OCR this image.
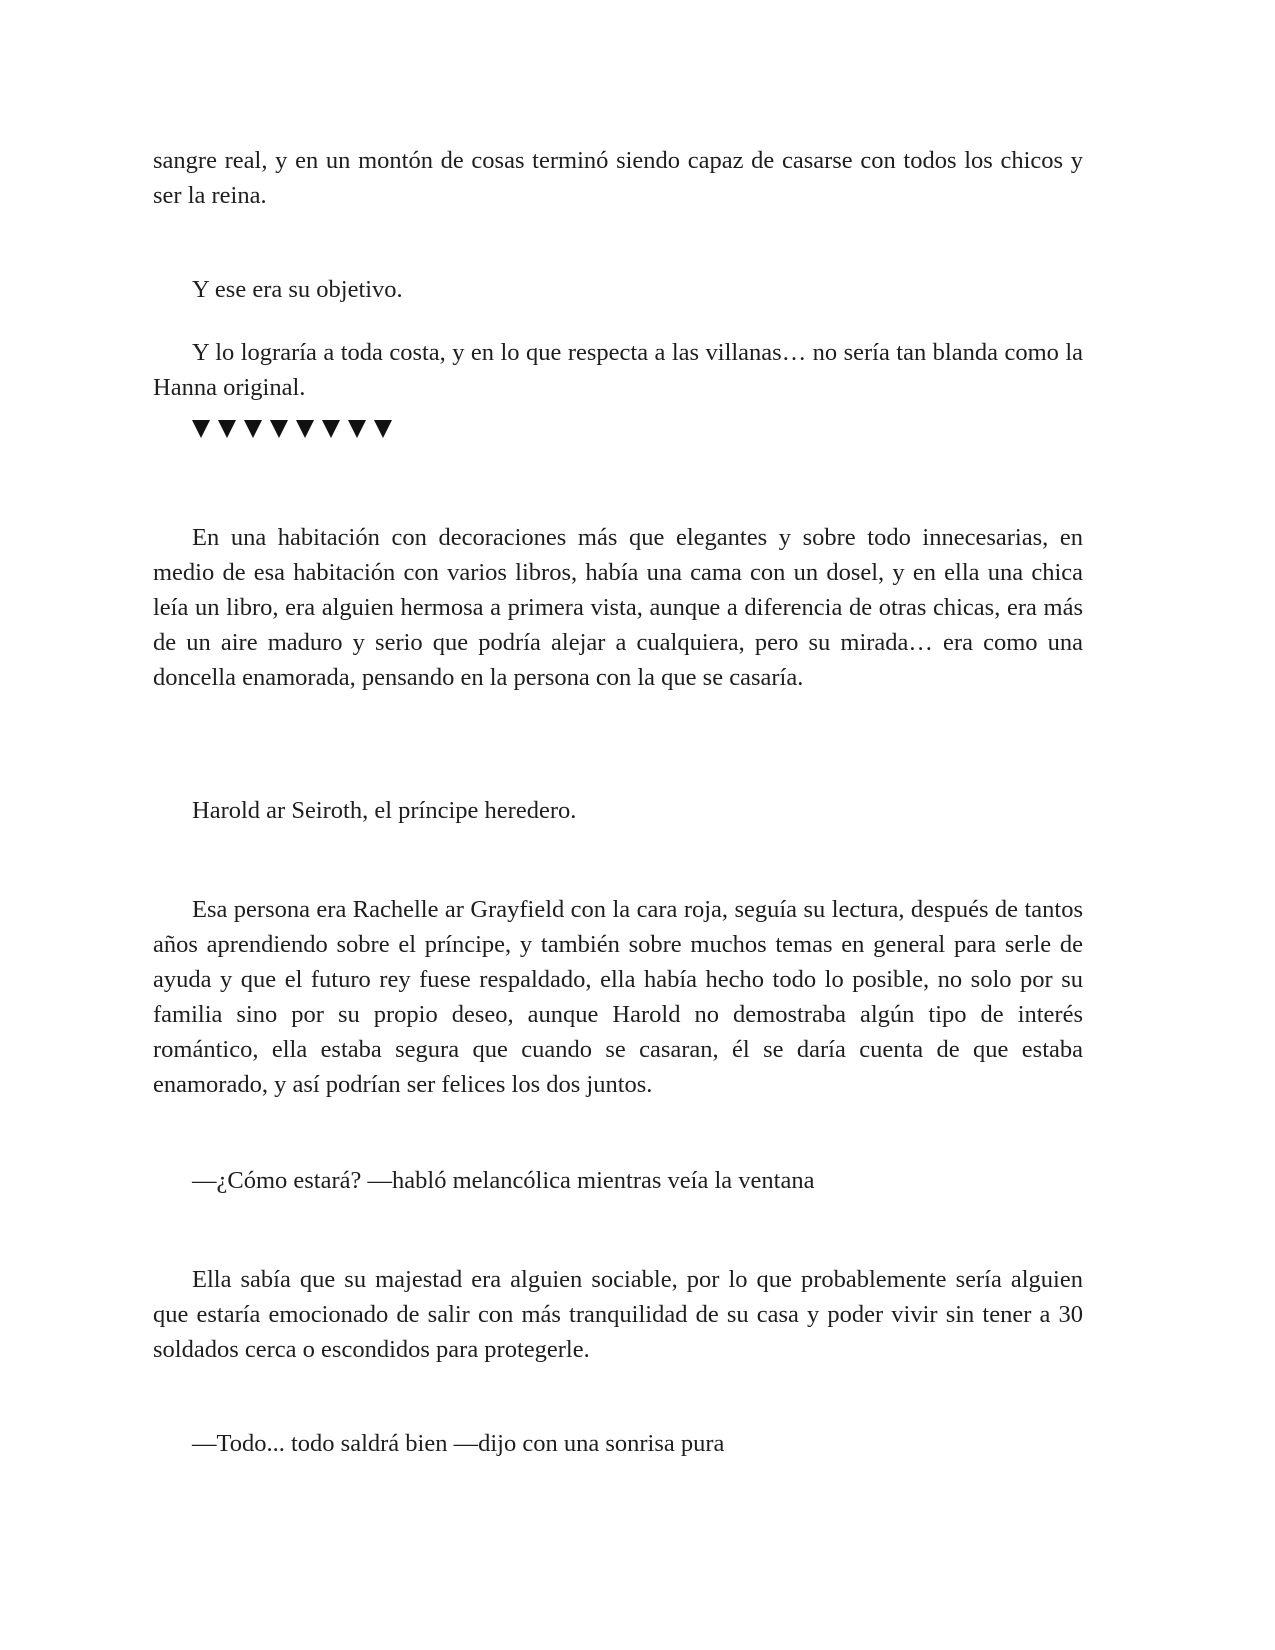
sangre real, y en un montón de cosas terminó siendo capaz de casarse con todos los chicos y ser la reina.

Y ese era su objetivo.

Y lo lograría a toda costa, y en lo que respecta a las villanas… no sería tan blanda como la Hanna original.

En una habitación con decoraciones más que elegantes y sobre todo innecesarias, en medio de esa habitación con varios libros, había una cama con un dosel, y en ella una chica leía un libro, era alguien hermosa a primera vista, aunque a diferencia de otras chicas, era más de un aire maduro y serio que podría alejar a cualquiera, pero su mirada… era como una doncella enamorada, pensando en la persona con la que se casaría.

Harold ar Seiroth, el príncipe heredero.

Esa persona era Rachelle ar Grayfield con la cara roja, seguía su lectura, después de tantos años aprendiendo sobre el príncipe, y también sobre muchos temas en general para serle de ayuda y que el futuro rey fuese respaldado, ella había hecho todo lo posible, no solo por su familia sino por su propio deseo, aunque Harold no demostraba algún tipo de interés romántico, ella estaba segura que cuando se casaran, él se daría cuenta de que estaba enamorado, y así podrían ser felices los dos juntos.

—¿Cómo estará? —habló melancólica mientras veía la ventana

Ella sabía que su majestad era alguien sociable, por lo que probablemente sería alguien que estaría emocionado de salir con más tranquilidad de su casa y poder vivir sin tener a 30 soldados cerca o escondidos para protegerle.

—Todo... todo saldrá bien —dijo con una sonrisa pura
